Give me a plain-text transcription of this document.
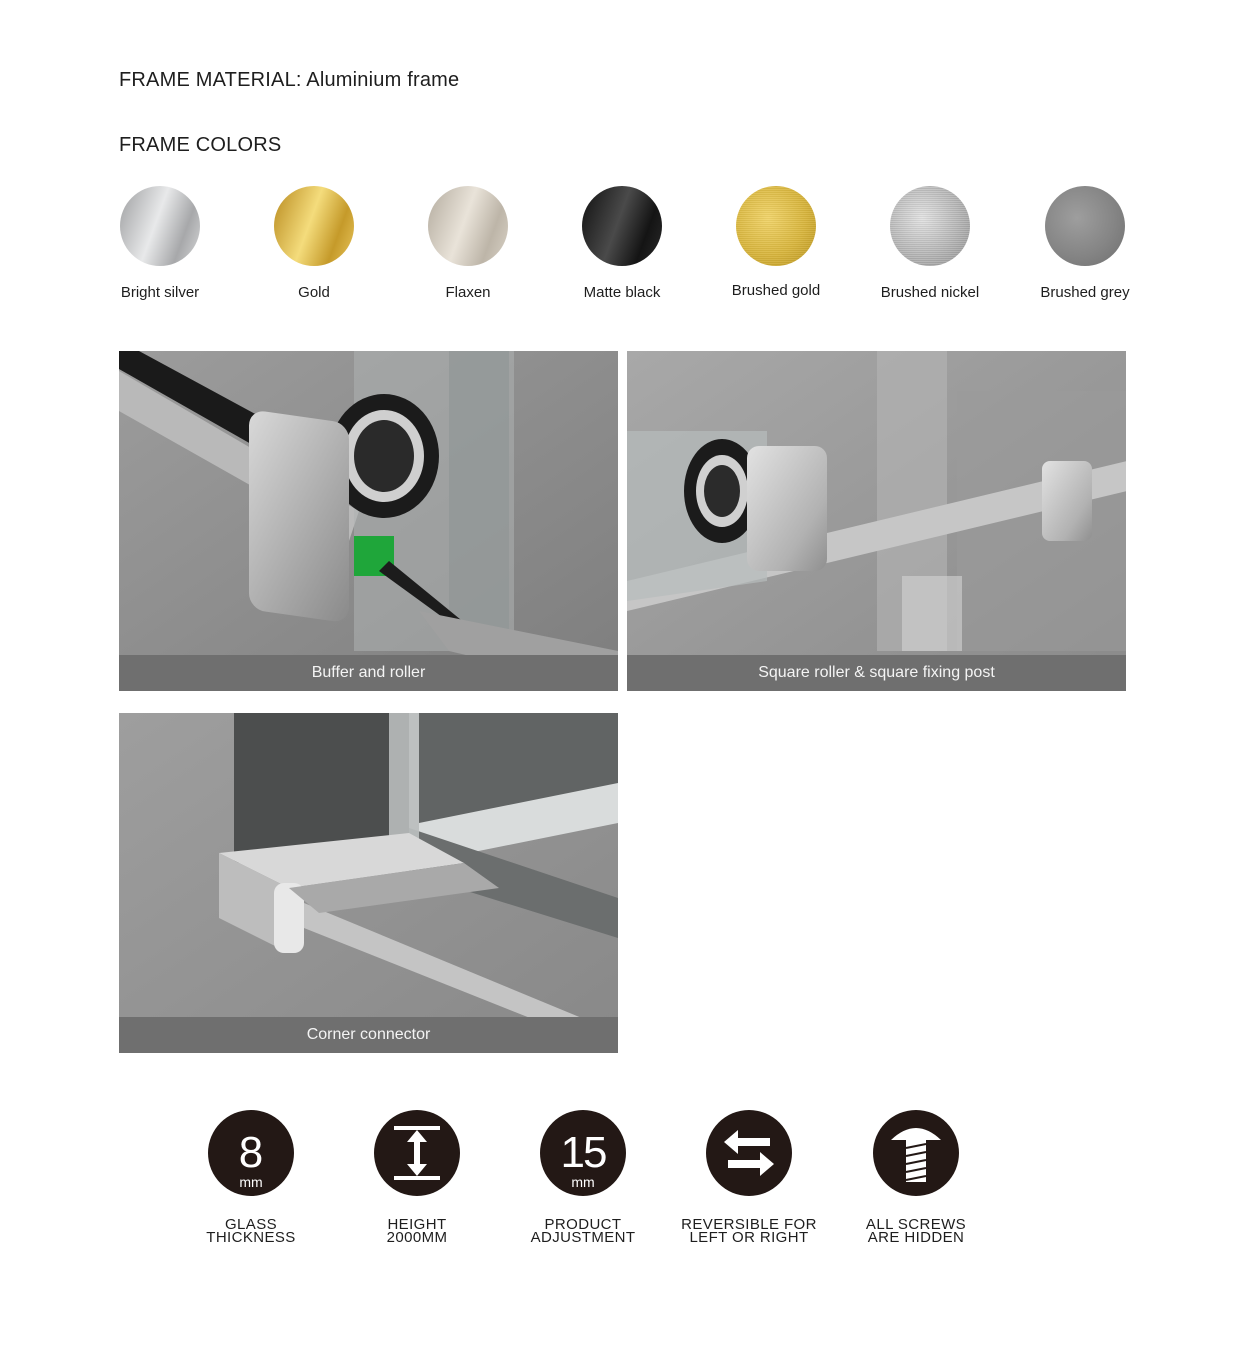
FRAME MATERIAL: Aluminium frame
FRAME COLORS
Bright silver	Gold	Flaxen	Matte black	Brushed gold	Brushed nickel	Brushed grey
Buffer and roller	Square roller & square fixing post
Corner connector
8
mm
GLASS
THICKNESS
HEIGHT
2000MM
15
mm
PRODUCT
ADJUSTMENT
REVERSIBLE FOR
LEFT OR RIGHT
ALL SCREWS
ARE HIDDEN
